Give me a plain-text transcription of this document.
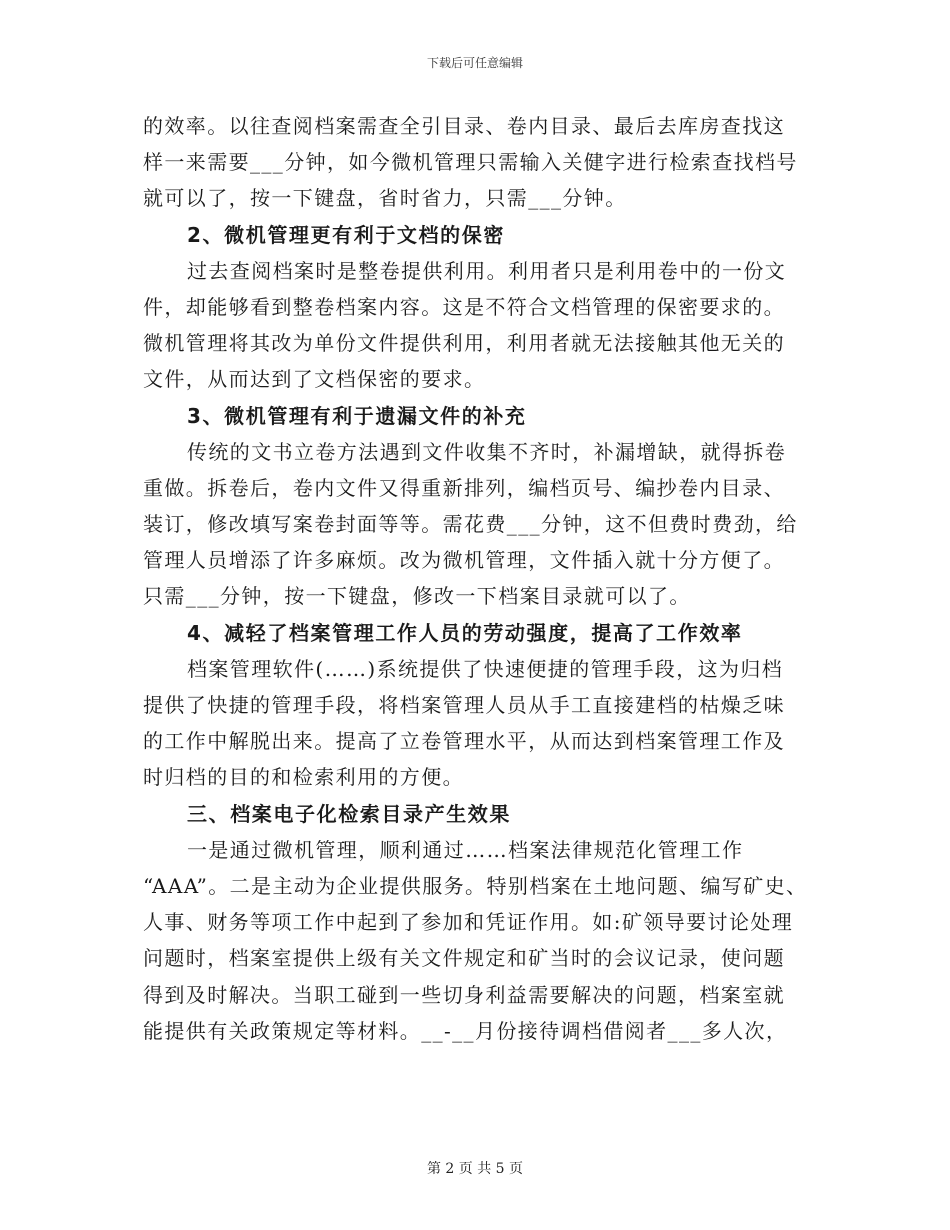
下载后可任意编辑
的效率。以往查阅档案需查全引目录、卷内目录、最后去库房查找这
样一来需要___分钟，如今微机管理只需输入关健字进行检索查找档号
就可以了，按一下键盘，省时省力，只需___分钟。
2、微机管理更有利于文档的保密
过去查阅档案时是整卷提供利用。利用者只是利用卷中的一份文
件，却能够看到整卷档案内容。这是不符合文档管理的保密要求的。
微机管理将其改为单份文件提供利用，利用者就无法接触其他无关的
文件，从而达到了文档保密的要求。
3、微机管理有利于遗漏文件的补充
传统的文书立卷方法遇到文件收集不齐时，补漏增缺，就得拆卷
重做。拆卷后，卷内文件又得重新排列，编档页号、编抄卷内目录、
装订，修改填写案卷封面等等。需花费___分钟，这不但费时费劲，给
管理人员增添了许多麻烦。改为微机管理，文件插入就十分方便了。
只需___分钟，按一下键盘，修改一下档案目录就可以了。
4、减轻了档案管理工作人员的劳动强度，提高了工作效率
档案管理软件(……)系统提供了快速便捷的管理手段，这为归档
提供了快捷的管理手段，将档案管理人员从手工直接建档的枯燥乏味
的工作中解脱出来。提高了立卷管理水平，从而达到档案管理工作及
时归档的目的和检索利用的方便。
三、档案电子化检索目录产生效果
一是通过微机管理，顺利通过……档案法律规范化管理工作
“AAA”。二是主动为企业提供服务。特别档案在土地问题、编写矿史、
人事、财务等项工作中起到了参加和凭证作用。如:矿领导要讨论处理
问题时，档案室提供上级有关文件规定和矿当时的会议记录，使问题
得到及时解决。当职工碰到一些切身利益需要解决的问题，档案室就
能提供有关政策规定等材料。__-__月份接待调档借阅者___多人次，
第 2 页 共 5 页
